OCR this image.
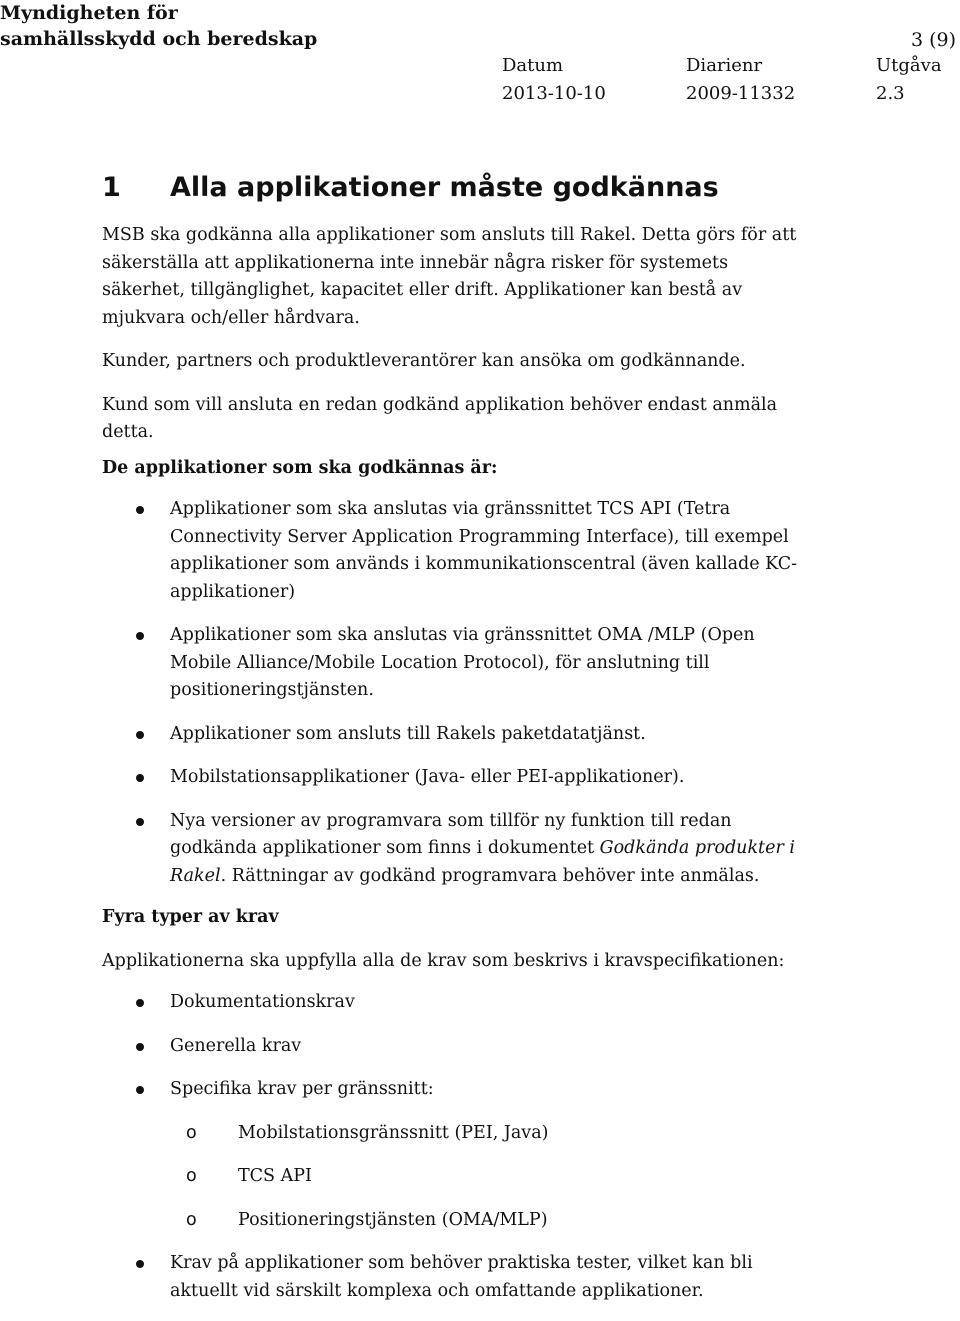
Myndigheten för
samhällsskydd och beredskap	3 (9)
Datum
2013-10-10
Diarienr
2009-11332
Utgåva
2.3
1 Alla applikationer måste godkännas

MSB ska godkänna alla applikationer som ansluts till Rakel. Detta görs för att säkerställa att applikationerna inte innebär några risker för systemets säkerhet, tillgänglighet, kapacitet eller drift. Applikationer kan bestå av mjukvara och/eller hårdvara.

Kunder, partners och produktleverantörer kan ansöka om godkännande.

Kund som vill ansluta en redan godkänd applikation behöver endast anmäla detta.

De applikationer som ska godkännas är:

Applikationer som ska anslutas via gränssnittet TCS API (Tetra Connectivity Server Application Programming Interface), till exempel applikationer som används i kommunikationscentral (även kallade KC-applikationer)
Applikationer som ska anslutas via gränssnittet OMA /MLP (Open Mobile Alliance/Mobile Location Protocol), för anslutning till positioneringstjänsten.
Applikationer som ansluts till Rakels paketdatatjänst.
Mobilstationsapplikationer (Java- eller PEI-applikationer).
Nya versioner av programvara som tillför ny funktion till redan godkända applikationer som finns i dokumentet Godkända produkter i Rakel. Rättningar av godkänd programvara behöver inte anmälas.

Fyra typer av krav

Applikationerna ska uppfylla alla de krav som beskrivs i kravspecifikationen:

Dokumentationskrav
Generella krav
Specifika krav per gränssnitt:
o Mobilstationsgränssnitt (PEI, Java)
o TCS API
o Positioneringstjänsten (OMA/MLP)
Krav på applikationer som behöver praktiska tester, vilket kan bli aktuellt vid särskilt komplexa och omfattande applikationer.
